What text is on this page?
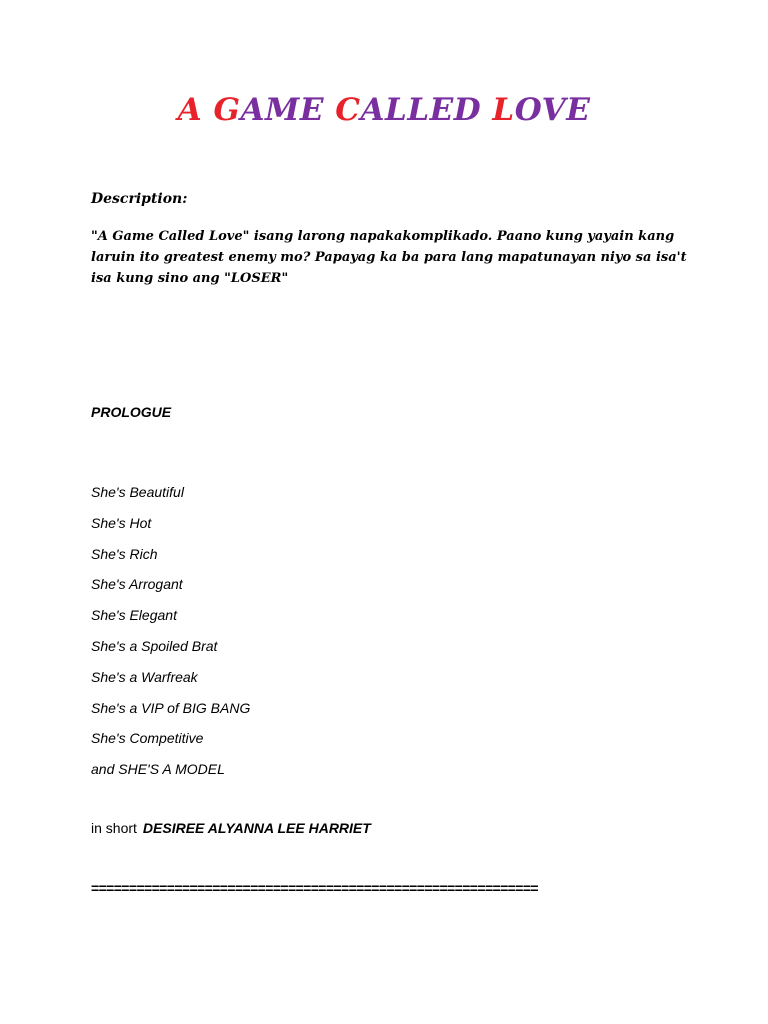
A GAME CALLED LOVE

Description:

"A Game Called Love" isang larong napakakomplikado. Paano kung yayain kang laruin ito greatest enemy mo? Papayag ka ba para lang mapatunayan niyo sa isa't isa kung sino ang "LOSER"

PROLOGUE

She's Beautiful
She's Hot
She's Rich
She's Arrogant
She's Elegant
She's a Spoiled Brat
She's a Warfreak
She's a VIP of BIG BANG
She's Competitive
and SHE'S A MODEL

in short DESIREE ALYANNA LEE HARRIET

===========================================================
